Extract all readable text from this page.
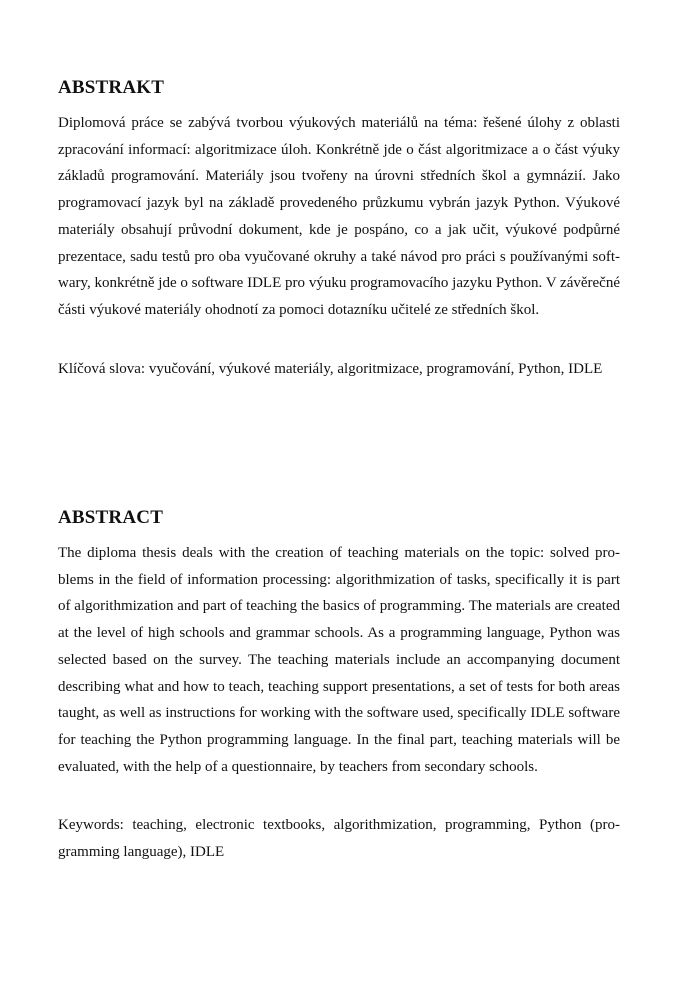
ABSTRAKT

Diplomová práce se zabývá tvorbou výukových materiálů na téma: řešené úlohy z oblasti zpracování informací: algoritmizace úloh. Konkrétně jde o část algoritmizace a o část výuky základů programování. Materiály jsou tvořeny na úrovni středních škol a gymnázií. Jako programovací jazyk byl na základě provedeného průzkumu vybrán jazyk Python. Výukové materiály obsahují průvodní dokument, kde je pospáno, co a jak učit, výukové podpůrné prezentace, sadu testů pro oba vyučované okruhy a také návod pro práci s používanými softwary, konkrétně jde o software IDLE pro výuku programovacího jazyku Python. V závěrečné části výukové materiály ohodnotí za pomoci dotazníku učitelé ze středních škol.

Klíčová slova: vyučování, výukové materiály, algoritmizace, programování, Python, IDLE

ABSTRACT

The diploma thesis deals with the creation of teaching materials on the topic: solved problems in the field of information processing: algorithmization of tasks, specifically it is part of algorithmization and part of teaching the basics of programming. The materials are created at the level of high schools and grammar schools. As a programming language, Python was selected based on the survey. The teaching materials include an accompanying document describing what and how to teach, teaching support presentations, a set of tests for both areas taught, as well as instructions for working with the software used, specifically IDLE software for teaching the Python programming language. In the final part, teaching materials will be evaluated, with the help of a questionnaire, by teachers from secondary schools.

Keywords: teaching, electronic textbooks, algorithmization, programming, Python (programming language), IDLE
